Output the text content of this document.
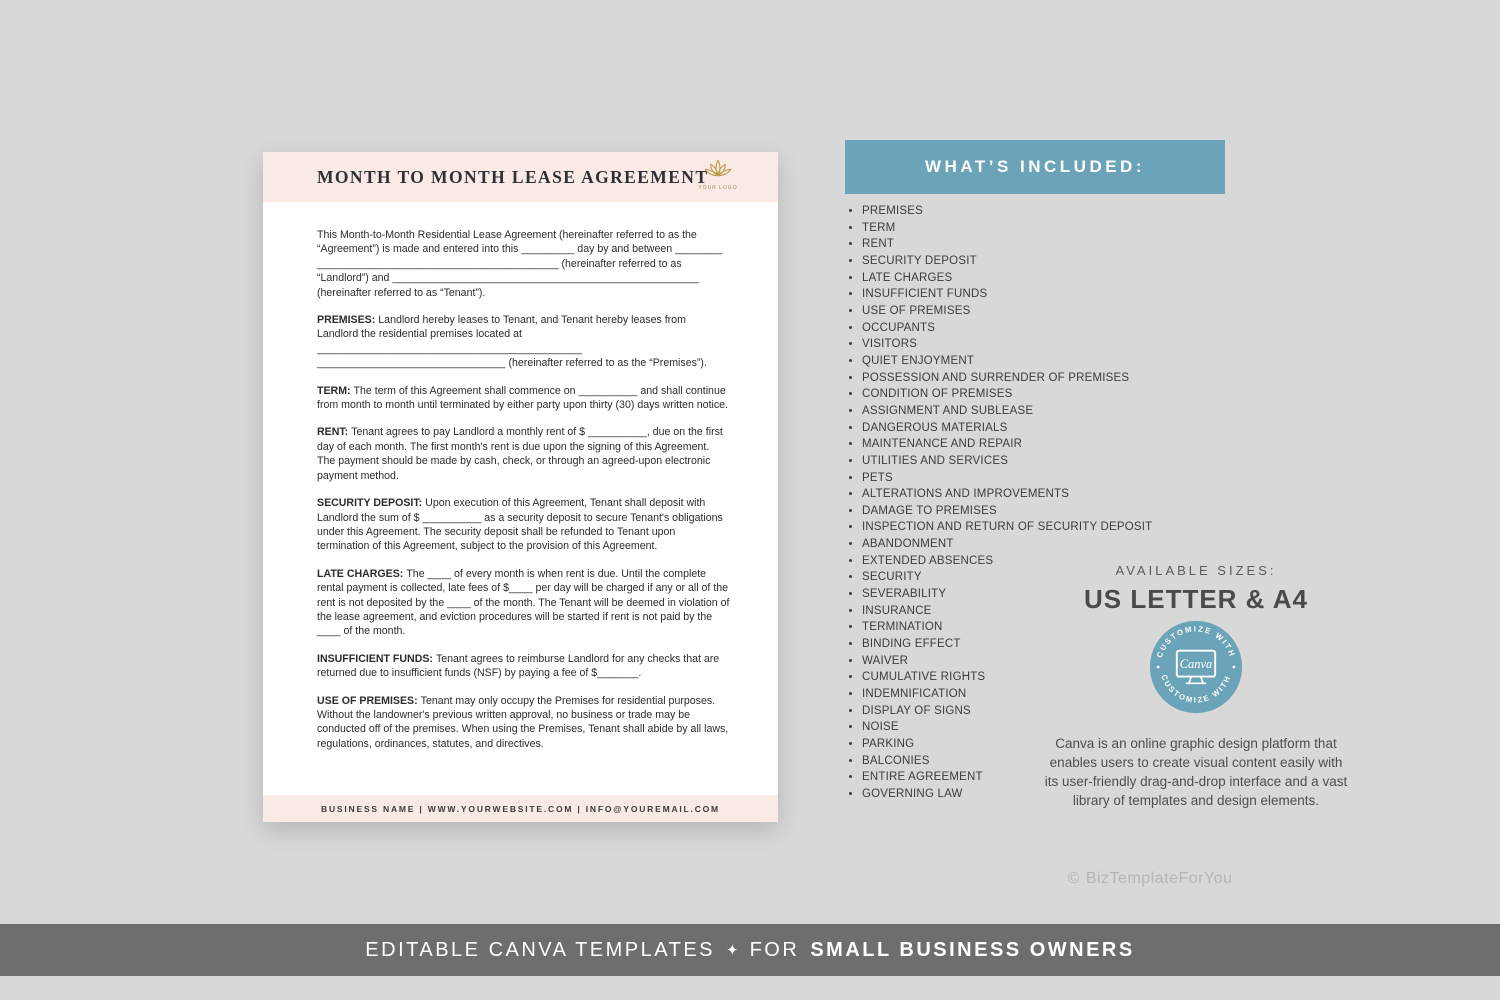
MONTH TO MONTH LEASE AGREEMENT
YOUR LOGO

This Month-to-Month Residential Lease Agreement (hereinafter referred to as the “Agreement”) is made and entered into this _________ day by and between ________ _________________________________________ (hereinafter referred to as “Landlord”) and ____________________________________________________ (hereinafter referred to as “Tenant”).

PREMISES: Landlord hereby leases to Tenant, and Tenant hereby leases from Landlord the residential premises located at _____________________________________________ ________________________________ (hereinafter referred to as the “Premises”).

TERM: The term of this Agreement shall commence on __________ and shall continue from month to month until terminated by either party upon thirty (30) days written notice.

RENT: Tenant agrees to pay Landlord a monthly rent of $ __________, due on the first day of each month. The first month's rent is due upon the signing of this Agreement. The payment should be made by cash, check, or through an agreed-upon electronic payment method.

SECURITY DEPOSIT: Upon execution of this Agreement, Tenant shall deposit with Landlord the sum of $ __________ as a security deposit to secure Tenant's obligations under this Agreement. The security deposit shall be refunded to Tenant upon termination of this Agreement, subject to the provision of this Agreement.

LATE CHARGES: The ____ of every month is when rent is due. Until the complete rental payment is collected, late fees of $____ per day will be charged if any or all of the rent is not deposited by the ____ of the month. The Tenant will be deemed in violation of the lease agreement, and eviction procedures will be started if rent is not paid by the ____ of the month.

INSUFFICIENT FUNDS: Tenant agrees to reimburse Landlord for any checks that are returned due to insufficient funds (NSF) by paying a fee of $_______.

USE OF PREMISES: Tenant may only occupy the Premises for residential purposes. Without the landowner's previous written approval, no business or trade may be conducted off of the premises. When using the Premises, Tenant shall abide by all laws, regulations, ordinances, statutes, and directives.

BUSINESS NAME | WWW.YOURWEBSITE.COM | INFO@YOUREMAIL.COM
WHAT’S INCLUDED:
• PREMISES
• TERM
• RENT
• SECURITY DEPOSIT
• LATE CHARGES
• INSUFFICIENT FUNDS
• USE OF PREMISES
• OCCUPANTS
• VISITORS
• QUIET ENJOYMENT
• POSSESSION AND SURRENDER OF PREMISES
• CONDITION OF PREMISES
• ASSIGNMENT AND SUBLEASE
• DANGEROUS MATERIALS
• MAINTENANCE AND REPAIR
• UTILITIES AND SERVICES
• PETS
• ALTERATIONS AND IMPROVEMENTS
• DAMAGE TO PREMISES
• INSPECTION AND RETURN OF SECURITY DEPOSIT
• ABANDONMENT
• EXTENDED ABSENCES
• SECURITY
• SEVERABILITY
• INSURANCE
• TERMINATION
• BINDING EFFECT
• WAIVER
• CUMULATIVE RIGHTS
• INDEMNIFICATION
• DISPLAY OF SIGNS
• NOISE
• PARKING
• BALCONIES
• ENTIRE AGREEMENT
• GOVERNING LAW
AVAILABLE SIZES:
US LETTER & A4
CUSTOMIZE WITH
CUSTOMIZE WITH
Canva
Canva is an online graphic design platform that enables users to create visual content easily with its user-friendly drag-and-drop interface and a vast library of templates and design elements.
© BizTemplateForYou
EDITABLE CANVA TEMPLATES ✦ FOR SMALL BUSINESS OWNERS
